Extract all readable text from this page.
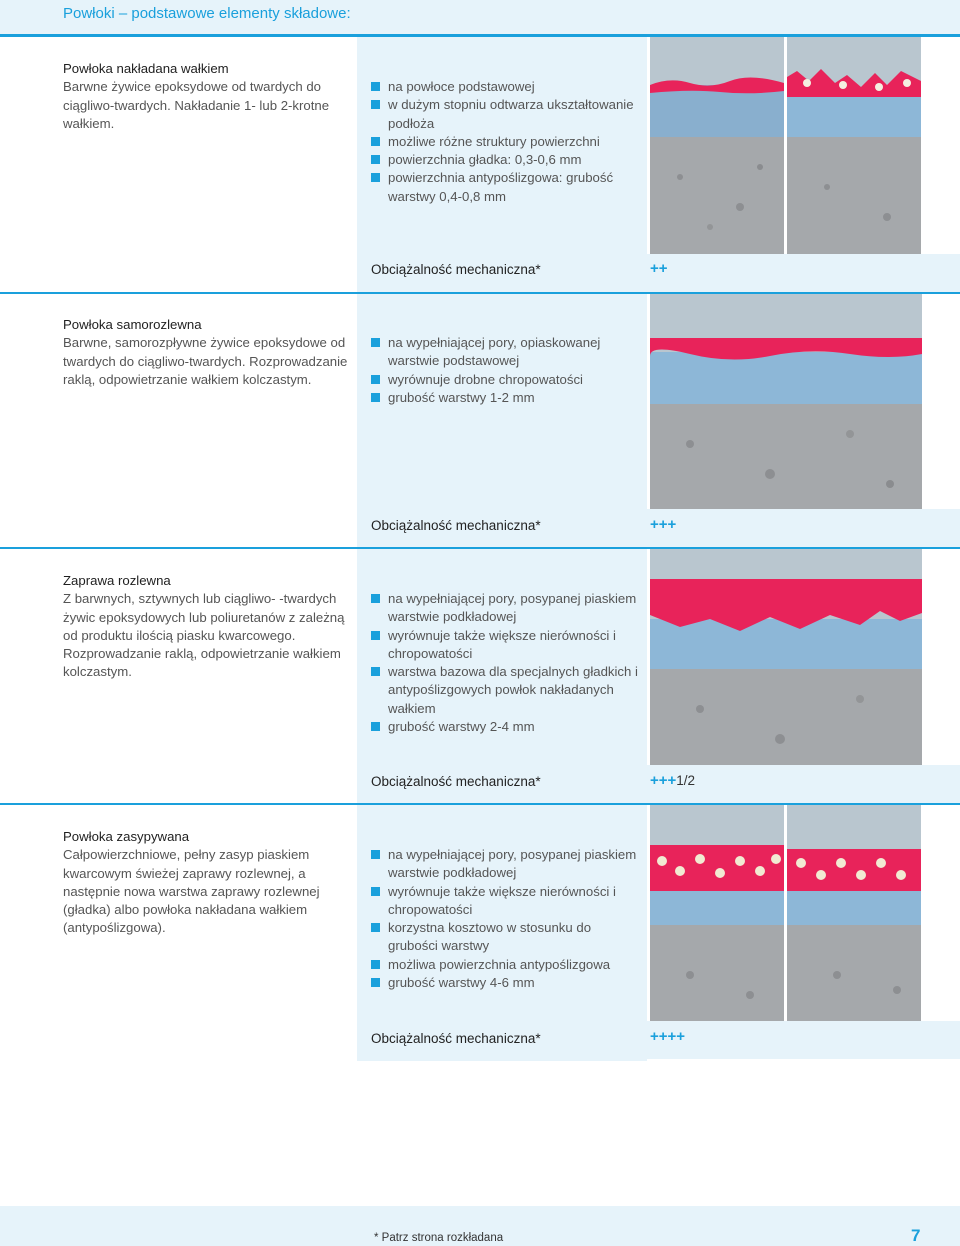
Powłoki – podstawowe elementy składowe:
Powłoka nakładana wałkiem
Barwne żywice epoksydowe od twardych do ciągliwo-twardych. Nakładanie 1- lub 2-krotne wałkiem.
na powłoce podstawowej
w dużym stopniu odtwarza ukształtowanie podłoża
możliwe różne struktury powierzchni
powierzchnia gładka: 0,3-0,6 mm
powierzchnia antypoślizgowa: grubość warstwy 0,4-0,8 mm
Obciążalność mechaniczna*	++
Powłoka samorozlewna
Barwne, samorozpływne żywice epoksydowe od twardych do ciągliwo-twardych. Rozprowadzanie raklą, odpowietrzanie wałkiem kolczastym.
na wypełniającej pory, opiaskowanej warstwie podstawowej
wyrównuje drobne chropowatości
grubość warstwy 1-2 mm
Obciążalność mechaniczna*	+++
Zaprawa rozlewna
Z barwnych, sztywnych lub ciągliwo- -twardych żywic epoksydowych lub poliuretanów z zależną od produktu ilością piasku kwarcowego. Rozprowadzanie raklą, odpowietrzanie wałkiem kolczastym.
na wypełniającej pory, posypanej piaskiem warstwie podkładowej
wyrównuje także większe nierówności i chropowatości
warstwa bazowa dla specjalnych gładkich i antypoślizgowych powłok nakładanych wałkiem
grubość warstwy 2-4 mm
Obciążalność mechaniczna*	+++1/2
Powłoka zasypywana
Całpowierzchniowe, pełny zasyp piaskiem kwarcowym świeżej zaprawy rozlewnej, a następnie nowa warstwa zaprawy rozlewnej (gładka) albo powłoka nakładana wałkiem (antypoślizgowa).
na wypełniającej pory, posypanej piaskiem warstwie podkładowej
wyrównuje także większe nierówności i chropowatości
korzystna kosztowo w stosunku do grubości warstwy
możliwa powierzchnia antypoślizgowa
grubość warstwy 4-6 mm
Obciążalność mechaniczna*	++++
* Patrz strona rozkładana	7
